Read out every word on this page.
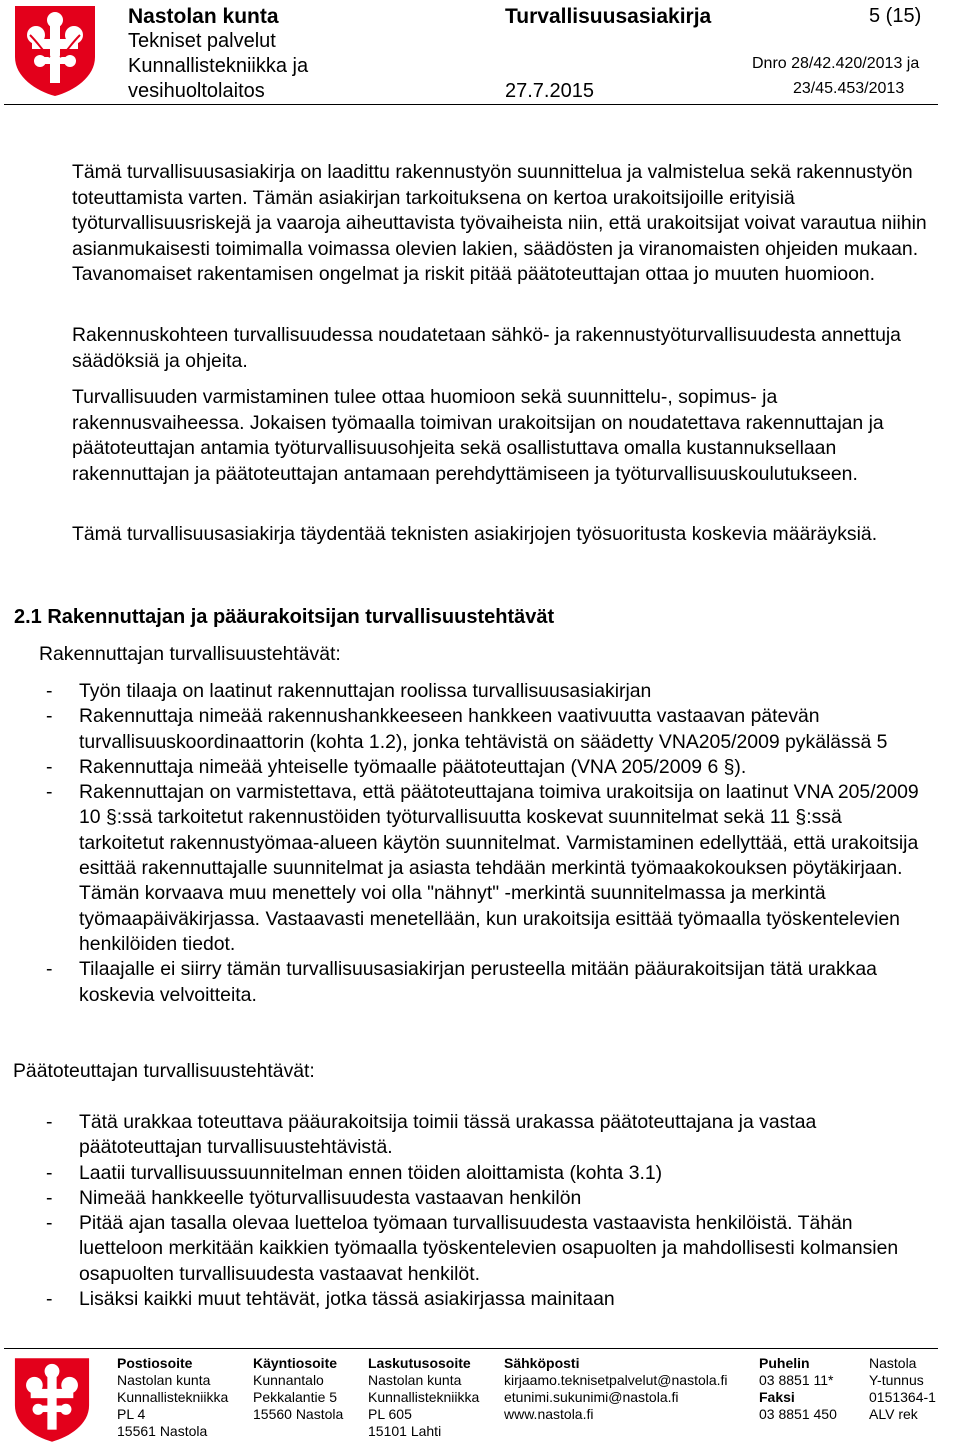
Nastolan kunta
Tekniset palvelut
Kunnallistekniikka ja
vesihuoltolaitos
Turvallisuusasiakirja
27.7.2015
5 (15)
Dnro 28/42.420/2013 ja
23/45.453/2013

Tämä turvallisuusasiakirja on laadittu rakennustyön suunnittelua ja valmistelua sekä rakennustyön toteuttamista varten. Tämän asiakirjan tarkoituksena on kertoa urakoitsijoille erityisiä työturvallisuusriskejä ja vaaroja aiheuttavista työvaiheista niin, että urakoitsijat voivat varautua niihin asianmukaisesti toimimalla voimassa olevien lakien, säädösten ja viranomaisten ohjeiden mukaan. Tavanomaiset rakentamisen ongelmat ja riskit pitää päätoteuttajan ottaa jo muuten huomioon.

Rakennuskohteen turvallisuudessa noudatetaan sähkö- ja rakennustyöturvallisuudesta annettuja säädöksiä ja ohjeita.

Turvallisuuden varmistaminen tulee ottaa huomioon sekä suunnittelu-, sopimus- ja rakennusvaiheessa. Jokaisen työmaalla toimivan urakoitsijan on noudatettava rakennuttajan ja päätoteuttajan antamia työturvallisuusohjeita sekä osallistuttava omalla kustannuksellaan rakennuttajan ja päätoteuttajan antamaan perehdyttämiseen ja työturvallisuuskoulutukseen.

Tämä turvallisuusasiakirja täydentää teknisten asiakirjojen työsuoritusta koskevia määräyksiä.

2.1 Rakennuttajan ja pääurakoitsijan turvallisuustehtävät
Rakennuttajan turvallisuustehtävät:
- Työn tilaaja on laatinut rakennuttajan roolissa turvallisuusasiakirjan
- Rakennuttaja nimeää rakennushankkeeseen hankkeen vaativuutta vastaavan pätevän turvallisuuskoordinaattorin (kohta 1.2), jonka tehtävistä on säädetty VNA205/2009 pykälässä 5
- Rakennuttaja nimeää yhteiselle työmaalle päätoteuttajan (VNA 205/2009 6 §).
- Rakennuttajan on varmistettava, että päätoteuttajana toimiva urakoitsija on laatinut VNA 205/2009 10 §:ssä tarkoitetut rakennustöiden työturvallisuutta koskevat suunnitelmat sekä 11 §:ssä tarkoitetut rakennustyömaa-alueen käytön suunnitelmat. Varmistaminen edellyttää, että urakoitsija esittää rakennuttajalle suunnitelmat ja asiasta tehdään merkintä työmaakokouksen pöytäkirjaan. Tämän korvaava muu menettely voi olla "nähnyt" -merkintä suunnitelmassa ja merkintä työmaapäiväkirjassa. Vastaavasti menetellään, kun urakoitsija esittää työmaalla työskentelevien henkilöiden tiedot.
- Tilaajalle ei siirry tämän turvallisuusasiakirjan perusteella mitään pääurakoitsijan tätä urakkaa koskevia velvoitteita.
Päätoteuttajan turvallisuustehtävät:
- Tätä urakkaa toteuttava pääurakoitsija toimii tässä urakassa päätoteuttajana ja vastaa päätoteuttajan turvallisuustehtävistä.
- Laatii turvallisuussuunnitelman ennen töiden aloittamista (kohta 3.1)
- Nimeää hankkeelle työturvallisuudesta vastaavan henkilön
- Pitää ajan tasalla olevaa luetteloa työmaan turvallisuudesta vastaavista henkilöistä. Tähän luetteloon merkitään kaikkien työmaalla työskentelevien osapuolten ja mahdollisesti kolmansien osapuolten turvallisuudesta vastaavat henkilöt.
- Lisäksi kaikki muut tehtävät, jotka tässä asiakirjassa mainitaan
Postiosoite
Nastolan kunta
Kunnallistekniikka
PL 4
15561 Nastola
Käyntiosoite
Kunnantalo
Pekkalantie 5
15560 Nastola
Laskutusosoite
Nastolan kunta
Kunnallistekniikka
PL 605
15101 Lahti
Sähköposti
kirjaamo.teknisetpalvelut@nastola.fi
etunimi.sukunimi@nastola.fi
www.nastola.fi
Puhelin
03 8851 11*
Faksi
03 8851 450
Nastola
Y-tunnus
0151364-1
ALV rek
